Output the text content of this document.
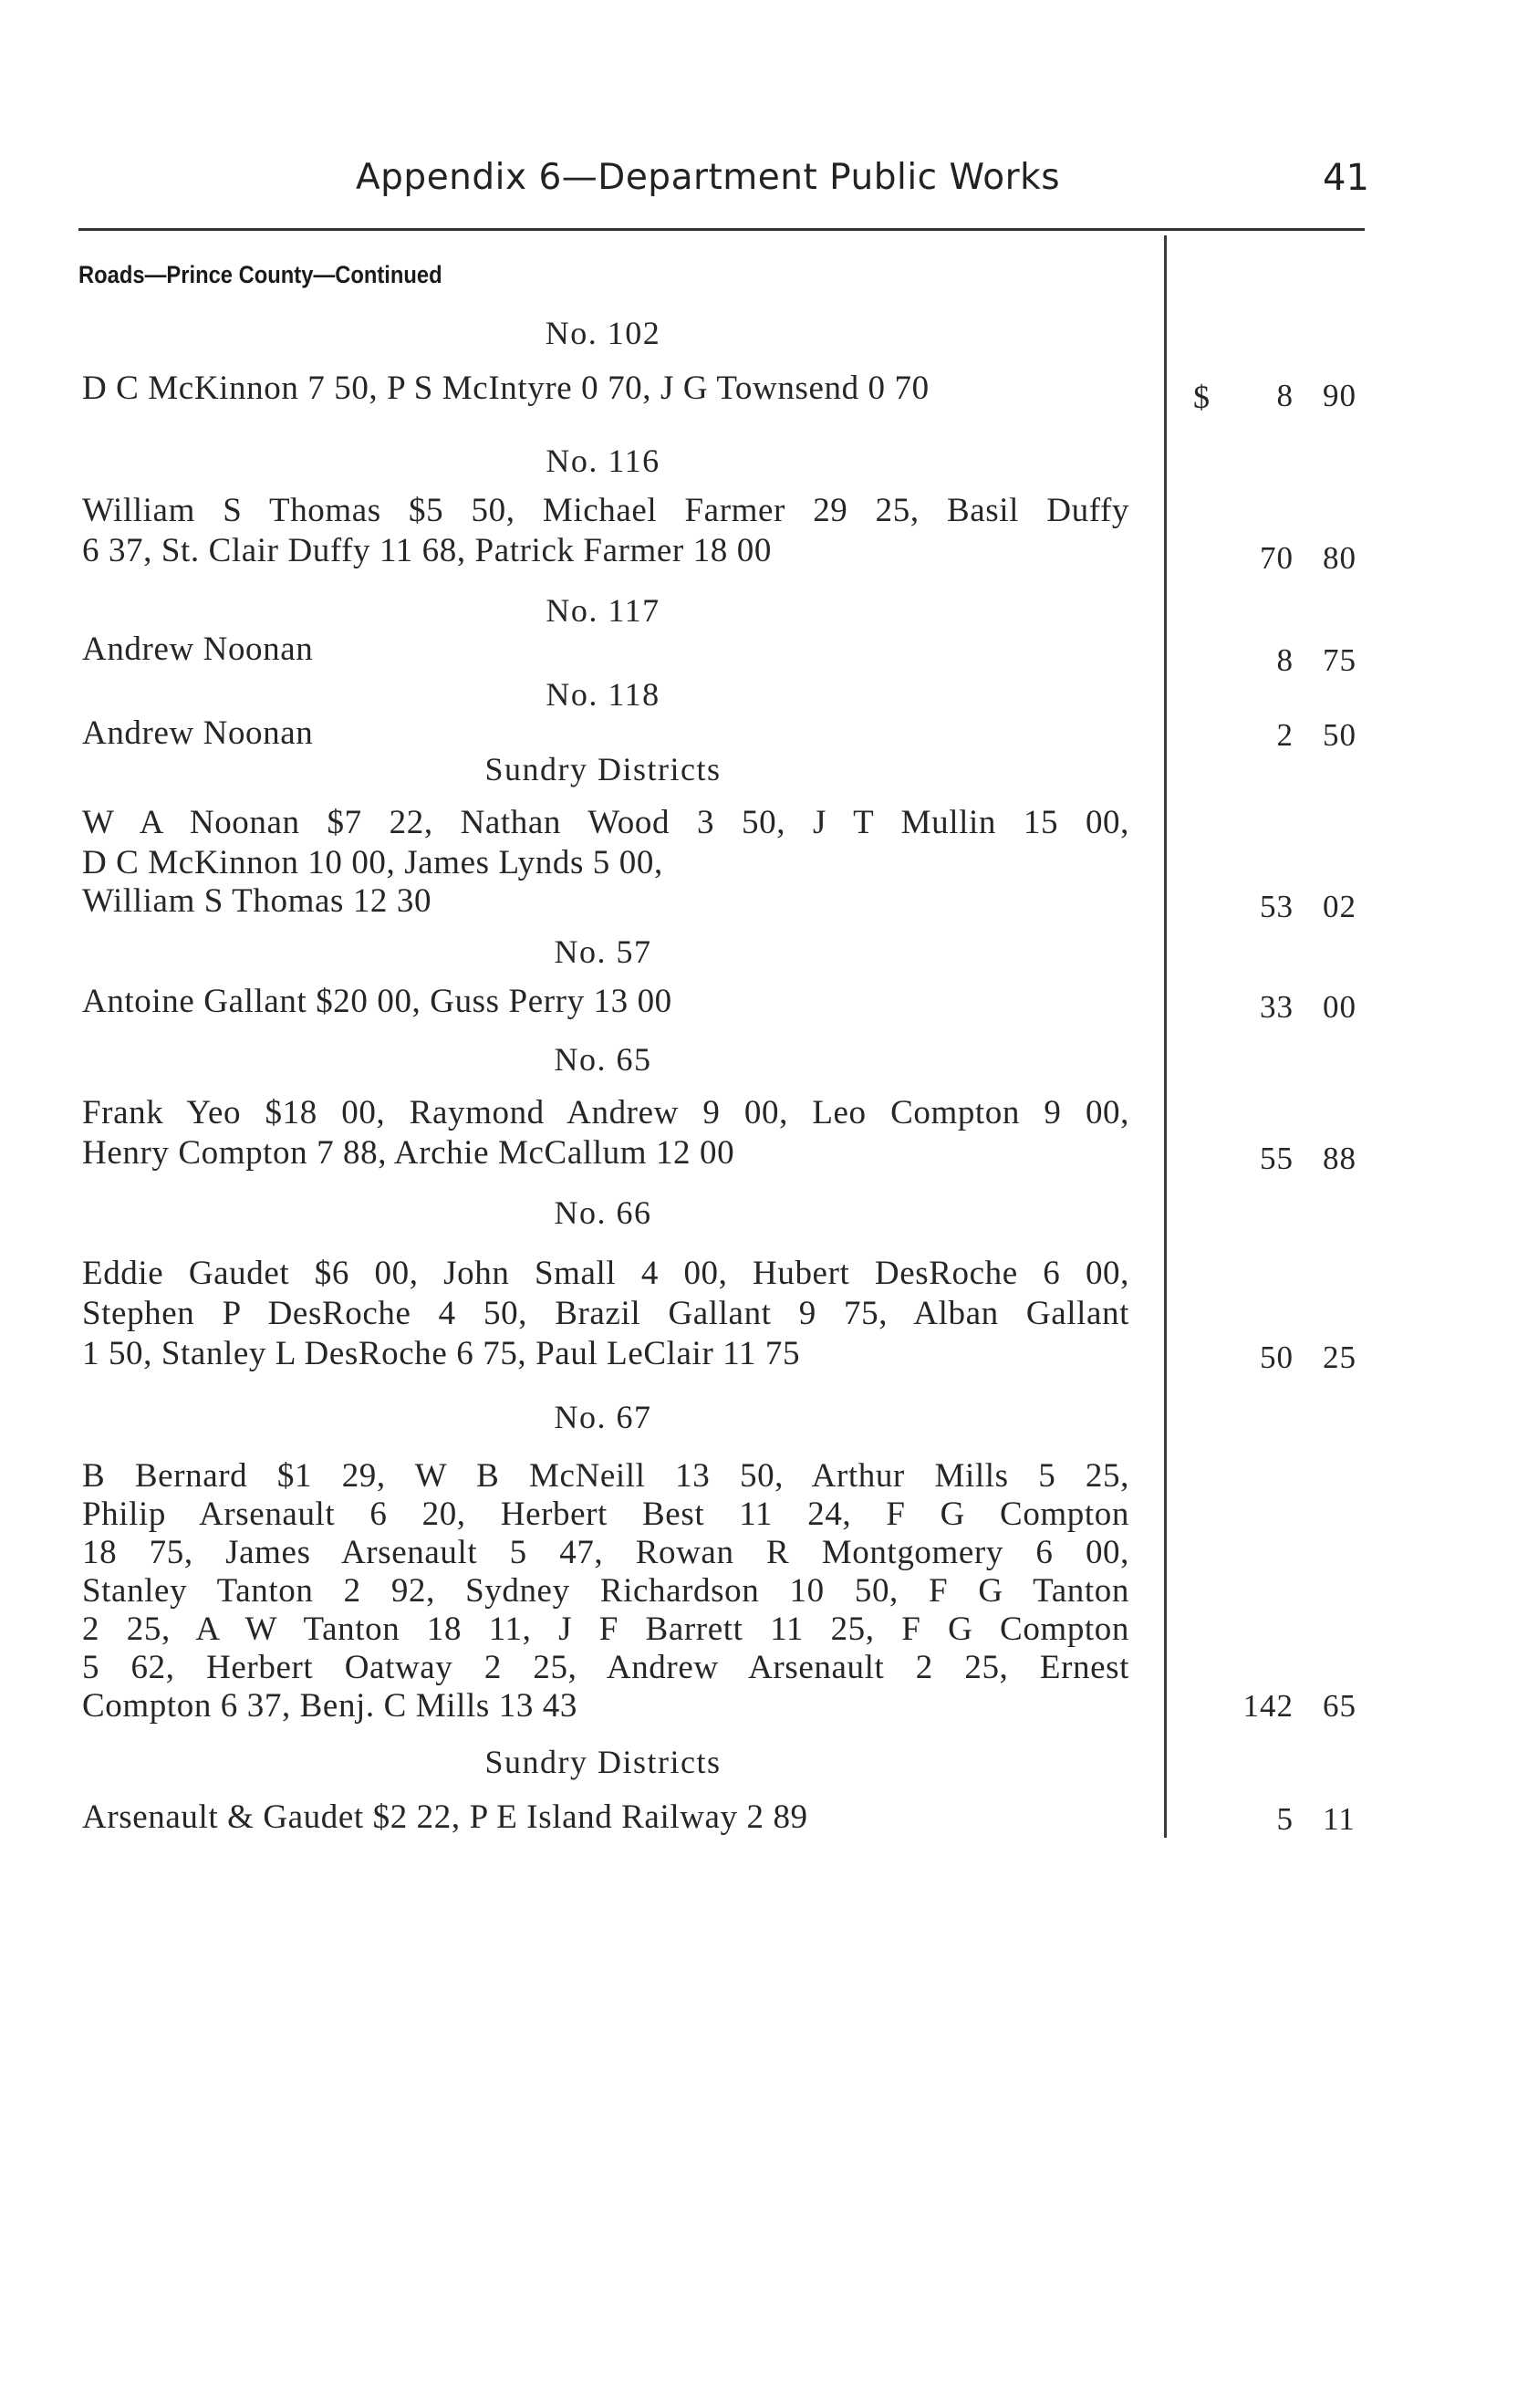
Appendix 6—Department Public Works	41
Roads—Prince County—Continued
No. 102
D C McKinnon 7 50, P S McIntyre 0 70, J G Townsend 0 70	$	8 90
No. 116
William S Thomas $5 50, Michael Farmer 29 25, Basil Duffy
6 37, St. Clair Duffy 11 68, Patrick Farmer 18 00	70 80
No. 117
Andrew Noonan	8 75
No. 118
Andrew Noonan	2 50
Sundry Districts
W A Noonan $7 22, Nathan Wood 3 50, J T Mullin 15 00,
D C McKinnon 10 00, James Lynds 5 00,
William S Thomas 12 30	53 02
No. 57
Antoine Gallant $20 00, Guss Perry 13 00	33 00
No. 65
Frank Yeo $18 00, Raymond Andrew 9 00, Leo Compton 9 00,
Henry Compton 7 88, Archie McCallum 12 00	55 88
No. 66
Eddie Gaudet $6 00, John Small 4 00, Hubert DesRoche 6 00,
Stephen P DesRoche 4 50, Brazil Gallant 9 75, Alban Gallant
1 50, Stanley L DesRoche 6 75, Paul LeClair 11 75	50 25
No. 67
B Bernard $1 29, W B McNeill 13 50, Arthur Mills 5 25,
Philip Arsenault 6 20, Herbert Best 11 24, F G Compton
18 75, James Arsenault 5 47, Rowan R Montgomery 6 00,
Stanley Tanton 2 92, Sydney Richardson 10 50, F G Tanton
2 25, A W Tanton 18 11, J F Barrett 11 25, F G Compton
5 62, Herbert Oatway 2 25, Andrew Arsenault 2 25, Ernest
Compton 6 37, Benj. C Mills 13 43	142 65
Sundry Districts
Arsenault & Gaudet $2 22, P E Island Railway 2 89	5 11
